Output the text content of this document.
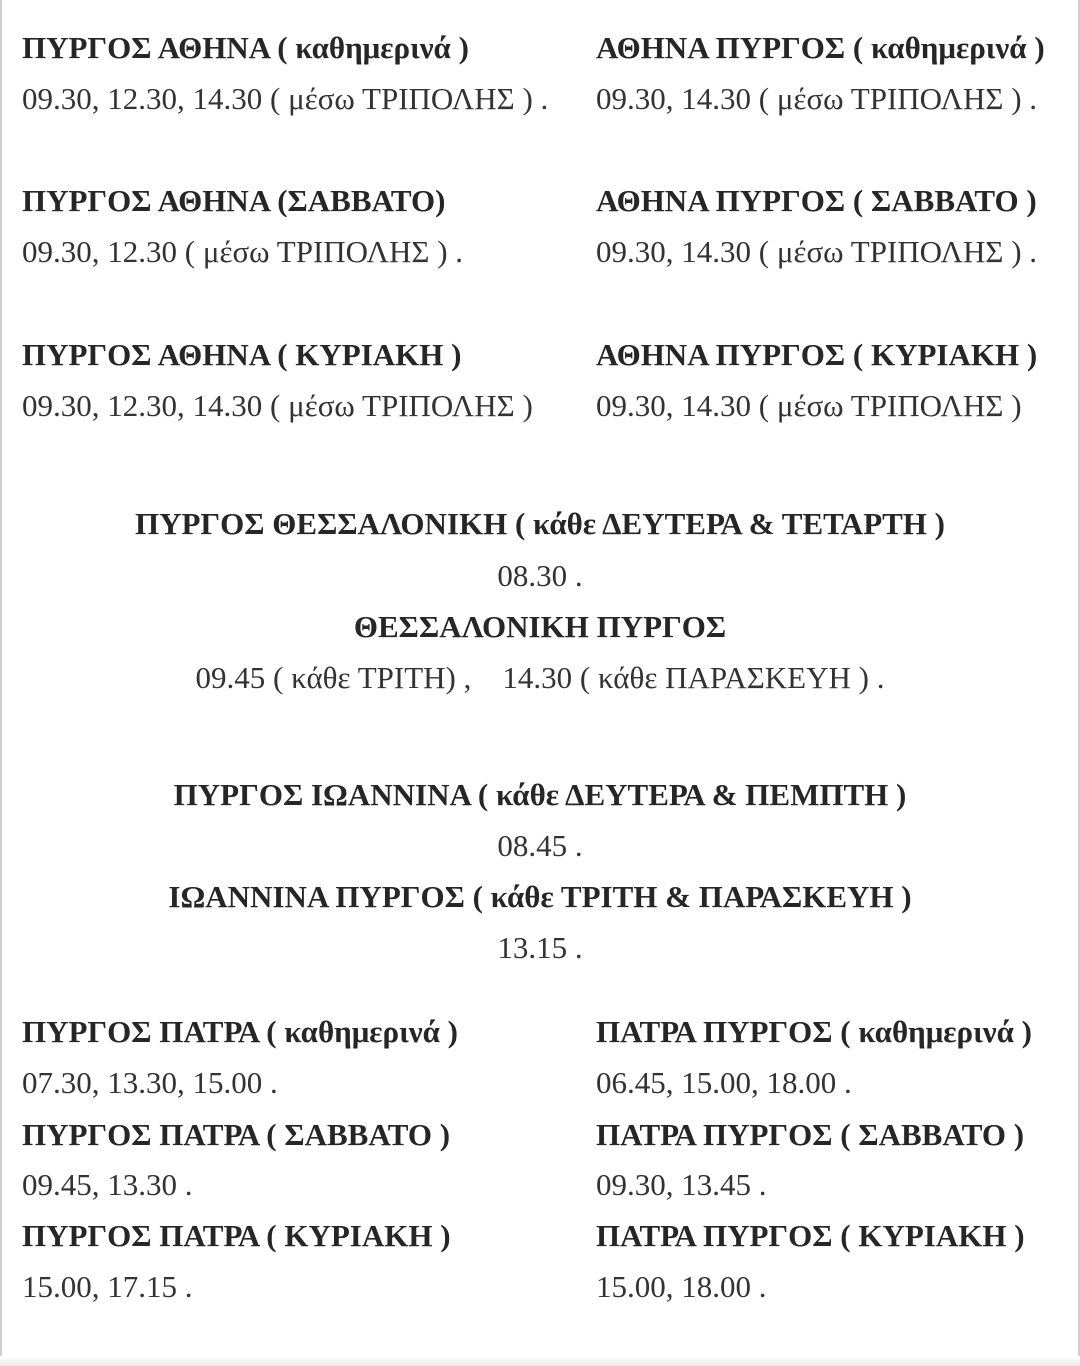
ΠΥΡΓΟΣ ΑΘΗΝΑ ( καθημερινά )	ΑΘΗΝΑ ΠΥΡΓΟΣ ( καθημερινά )
09.30, 12.30, 14.30 ( μέσω ΤΡΙΠΟΛΗΣ ) . 09.30, 14.30 ( μέσω ΤΡΙΠΟΛΗΣ ) .
ΠΥΡΓΟΣ ΑΘΗΝΑ (ΣΑΒΒΑΤΟ)	ΑΘΗΝΑ ΠΥΡΓΟΣ ( ΣΑΒΒΑΤΟ )
09.30, 12.30 ( μέσω ΤΡΙΠΟΛΗΣ ) .	09.30, 14.30 ( μέσω ΤΡΙΠΟΛΗΣ ) .
ΠΥΡΓΟΣ ΑΘΗΝΑ ( ΚΥΡΙΑΚΗ )	ΑΘΗΝΑ ΠΥΡΓΟΣ ( ΚΥΡΙΑΚΗ )
09.30, 12.30, 14.30 ( μέσω ΤΡΙΠΟΛΗΣ ) 09.30, 14.30 ( μέσω ΤΡΙΠΟΛΗΣ )
ΠΥΡΓΟΣ ΘΕΣΣΑΛΟΝΙΚΗ ( κάθε ΔΕΥΤΕΡΑ & ΤΕΤΑΡΤΗ )
08.30 .
ΘΕΣΣΑΛΟΝΙΚΗ ΠΥΡΓΟΣ
09.45 ( κάθε ΤΡΙΤΗ) ,    14.30 ( κάθε ΠΑΡΑΣΚΕΥΗ ) .
ΠΥΡΓΟΣ ΙΩΑΝΝΙΝΑ ( κάθε ΔΕΥΤΕΡΑ & ΠΕΜΠΤΗ )
08.45 .
ΙΩΑΝΝΙΝΑ ΠΥΡΓΟΣ ( κάθε ΤΡΙΤΗ & ΠΑΡΑΣΚΕΥΗ )
13.15 .
ΠΥΡΓΟΣ ΠΑΤΡΑ ( καθημερινά )	ΠΑΤΡΑ ΠΥΡΓΟΣ ( καθημερινά )
07.30, 13.30, 15.00 .	06.45, 15.00, 18.00 .
ΠΥΡΓΟΣ ΠΑΤΡΑ ( ΣΑΒΒΑΤΟ )	ΠΑΤΡΑ ΠΥΡΓΟΣ ( ΣΑΒΒΑΤΟ )
09.45, 13.30 .	09.30, 13.45 .
ΠΥΡΓΟΣ ΠΑΤΡΑ ( ΚΥΡΙΑΚΗ )	ΠΑΤΡΑ ΠΥΡΓΟΣ ( ΚΥΡΙΑΚΗ )
15.00, 17.15 .	15.00, 18.00 .
